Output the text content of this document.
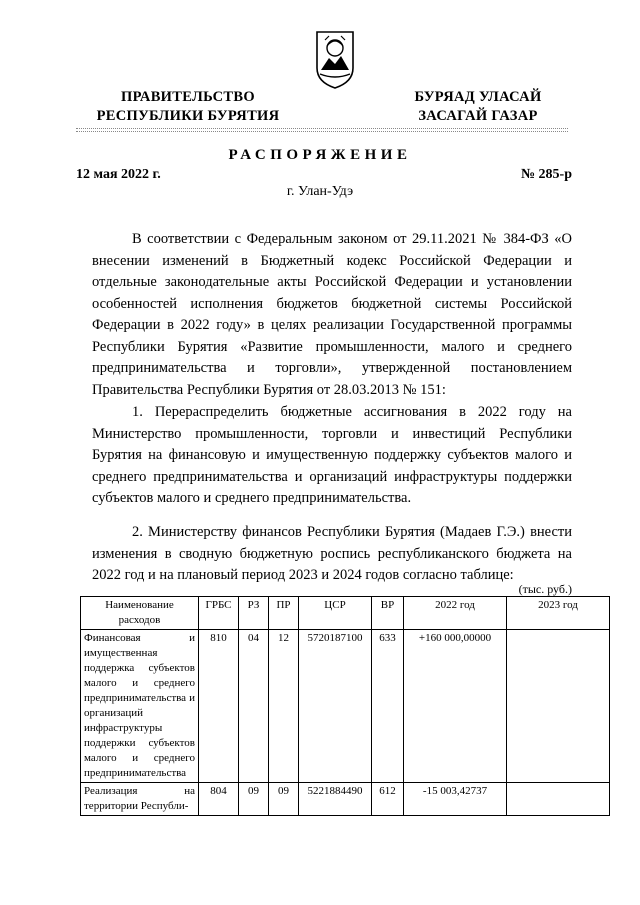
ПРАВИТЕЛЬСТВО
РЕСПУБЛИКИ БУРЯТИЯ
БУРЯАД УЛАСАЙ
ЗАСАГАЙ ГАЗАР
РАСПОРЯЖЕНИЕ
12 мая 2022 г.	№ 285-р
г. Улан-Удэ

В соответствии с Федеральным законом от 29.11.2021 № 384-ФЗ «О внесении изменений в Бюджетный кодекс Российской Федерации и отдельные законодательные акты Российской Федерации и установлении особенностей исполнения бюджетов бюджетной системы Российской Федерации в 2022 году» в целях реализации Государственной программы Республики Бурятия «Развитие промышленности, малого и среднего предпринимательства и торговли», утвержденной постановлением Правительства Республики Бурятия от 28.03.2013 № 151:

1. Перераспределить бюджетные ассигнования в 2022 году на Министерство промышленности, торговли и инвестиций Республики Бурятия на финансовую и имущественную поддержку субъектов малого и среднего предпринимательства и организаций инфраструктуры поддержки субъектов малого и среднего предпринимательства.

2. Министерству финансов Республики Бурятия (Мадаев Г.Э.) внести изменения в сводную бюджетную роспись республиканского бюджета на 2022 год и на плановый период 2023 и 2024 годов согласно таблице:

(тыс. руб.)
Наименование расходов	ГРБС	РЗ	ПР	ЦСР	ВР	2022 год	2023 год
Финансовая и имущественная поддержка субъектов малого и среднего предпринимательства и организаций инфраструктуры поддержки субъектов малого и среднего предпринимательства	810	04	12	5720187100	633	+160 000,00000	
Реализация на территории Республи-	804	09	09	5221884490	612	-15 003,42737	
